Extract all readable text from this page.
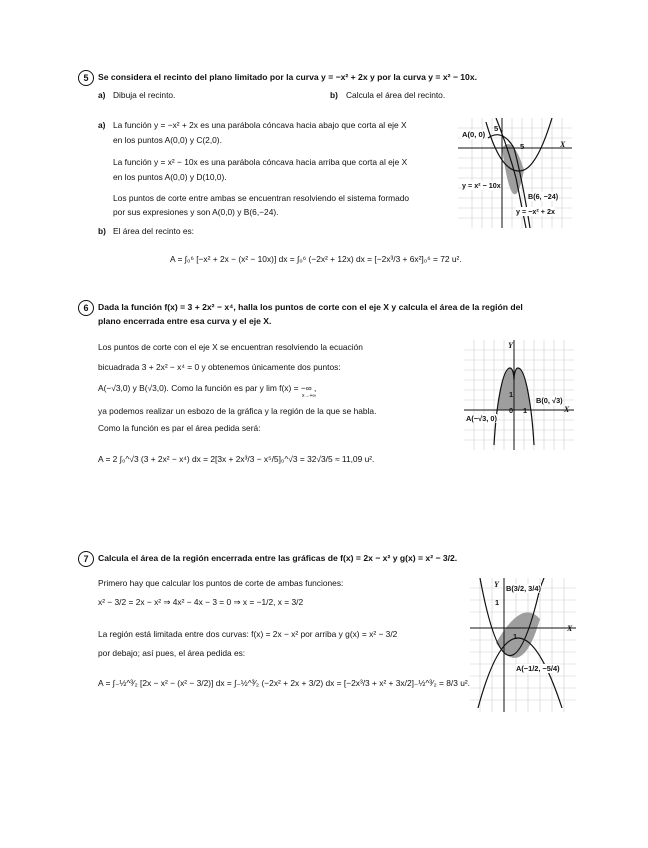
5	Se considera el recinto del plano limitado por la curva y = −x² + 2x y por la curva y = x² − 10x.
a) Dibuja el recinto.	b) Calcula el área del recinto.
a) La función y = −x² + 2x es una parábola cóncava hacia abajo que corta al eje X
en los puntos A(0,0) y C(2,0).
La función y = x² − 10x es una parábola cóncava hacia arriba que corta al eje X
en los puntos A(0,0) y D(10,0).
Los puntos de corte entre ambas se encuentran resolviendo el sistema formado
por sus expresiones y son A(0,0) y B(6,−24).
b) El área del recinto es:
A = ∫₀⁶ [−x² + 2x − (x² − 10x)] dx = ∫₀⁶ (−2x² + 12x) dx = [−2x³/3 + 6x²]₀⁶ = 72 u².
A(0, 0)
5
5	X
y = x² − 10x
B(6, −24)
y = −x² + 2x
6	Dada la función f(x) = 3 + 2x² − x⁴, halla los puntos de corte con el eje X y calcula el área de la región del
plano encerrada entre esa curva y el eje X.
Los puntos de corte con el eje X se encuentran resolviendo la ecuación
bicuadrada 3 + 2x² − x⁴ = 0 y obtenemos únicamente dos puntos:
A(−√3,0) y B(√3,0). Como la función es par y lim f(x) = −∞ ,
x→+∞
ya podemos realizar un esbozo de la gráfica y la región de la que se habla.
Como la función es par el área pedida será:
A = 2 ∫₀^√3 (3 + 2x² − x⁴) dx = 2[3x + 2x³/3 − x⁵/5]₀^√3 = 32√3/5 ≈ 11,09 u².
Y
X
1
0 1
A(−√3, 0)
B(0, √3)
7	Calcula el área de la región encerrada entre las gráficas de f(x) = 2x − x² y g(x) = x² − 3/2.
Primero hay que calcular los puntos de corte de ambas funciones:
x² − 3/2 = 2x − x² ⇒ 4x² − 4x − 3 = 0 ⇒ x = −1/2, x = 3/2
La región está limitada entre dos curvas: f(x) = 2x − x² por arriba y g(x) = x² − 3/2
por debajo; así pues, el área pedida es:
A = ∫₋½^³⁄₂ [2x − x² − (x² − 3/2)] dx = ∫₋½^³⁄₂ (−2x² + 2x + 3/2) dx = [−2x³/3 + x² + 3x/2]₋½^³⁄₂ = 8/3 u².
Y
X
1
1
B(3/2, 3/4)
A(−1/2, −5/4)
